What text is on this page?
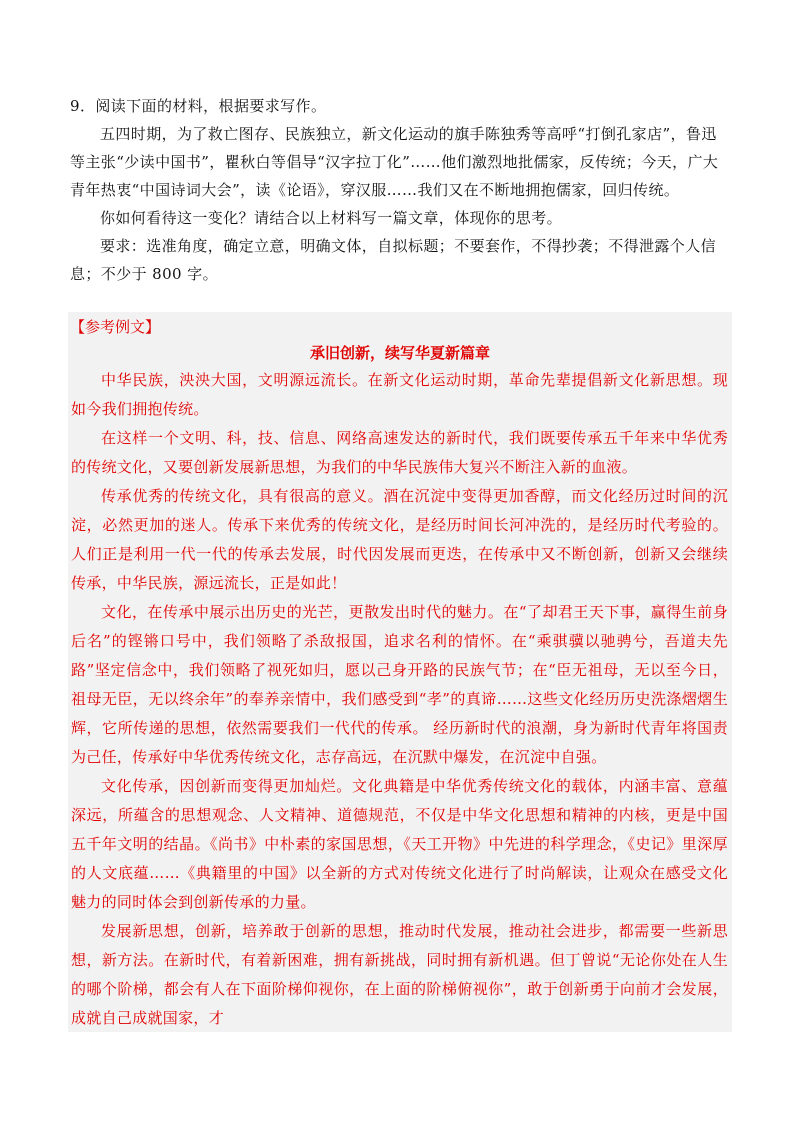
9．阅读下面的材料，根据要求写作。

五四时期，为了救亡图存、民族独立，新文化运动的旗手陈独秀等高呼“打倒孔家店”，鲁迅等主张“少读中国书”，瞿秋白等倡导“汉字拉丁化”……他们激烈地批儒家，反传统；今天，广大青年热衷“中国诗词大会”，读《论语》，穿汉服……我们又在不断地拥抱儒家，回归传统。

你如何看待这一变化？请结合以上材料写一篇文章，体现你的思考。

要求：选准角度，确定立意，明确文体，自拟标题；不要套作，不得抄袭；不得泄露个人信息；不少于 800 字。

【参考例文】

承旧创新，续写华夏新篇章

中华民族，泱泱大国，文明源远流长。在新文化运动时期，革命先辈提倡新文化新思想。现如今我们拥抱传统。

在这样一个文明、科，技、信息、网络高速发达的新时代，我们既要传承五千年来中华优秀的传统文化，又要创新发展新思想，为我们的中华民族伟大复兴不断注入新的血液。

传承优秀的传统文化，具有很高的意义。酒在沉淀中变得更加香醇，而文化经历过时间的沉淀，必然更加的迷人。传承下来优秀的传统文化，是经历时间长河冲洗的，是经历时代考验的。人们正是利用一代一代的传承去发展，时代因发展而更迭，在传承中又不断创新，创新又会继续传承，中华民族，源远流长，正是如此！

文化，在传承中展示出历史的光芒，更散发出时代的魅力。在“了却君王天下事，赢得生前身后名”的铿锵口号中，我们领略了杀敌报国，追求名利的情怀。在“乘骐骥以驰骋兮，吾道夫先路”坚定信念中，我们领略了视死如归，愿以己身开路的民族气节；在“臣无祖母，无以至今日，祖母无臣，无以终余年”的奉养亲情中，我们感受到“孝”的真谛……这些文化经历历史洗涤熠熠生辉，它所传递的思想，依然需要我们一代代的传承。 经历新时代的浪潮，身为新时代青年将国责为己任，传承好中华优秀传统文化，志存高远，在沉默中爆发，在沉淀中自强。

文化传承，因创新而变得更加灿烂。文化典籍是中华优秀传统文化的载体，内涵丰富、意蕴深远，所蕴含的思想观念、人文精神、道德规范，不仅是中华文化思想和精神的内核，更是中国五千年文明的结晶。《尚书》中朴素的家国思想，《天工开物》中先进的科学理念，《史记》里深厚的人文底蕴……《典籍里的中国》以全新的方式对传统文化进行了时尚解读，让观众在感受文化魅力的同时体会到创新传承的力量。

发展新思想，创新，培养敢于创新的思想，推动时代发展，推动社会进步，都需要一些新思想，新方法。在新时代，有着新困难，拥有新挑战，同时拥有新机遇。但丁曾说“无论你处在人生的哪个阶梯，都会有人在下面阶梯仰视你，在上面的阶梯俯视你”，敢于创新勇于向前才会发展，成就自己成就国家，才
